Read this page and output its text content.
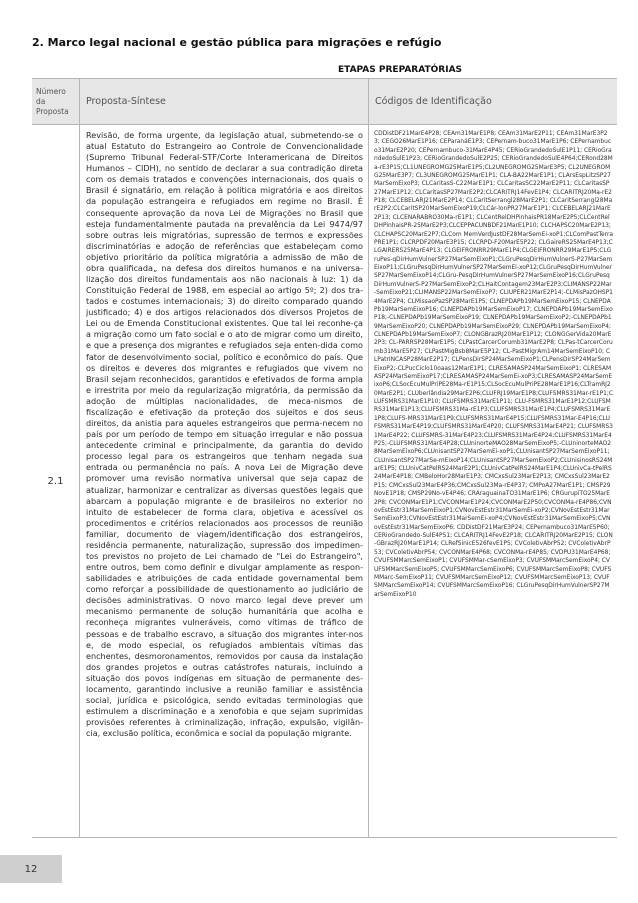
2. Marco legal nacional e gestão pública para migrações e refúgio
ETAPAS PREPARATÓRIAS
Número da Proposta
Proposta-Síntese	Códigos de Identificação
2.1

Revisão, de forma urgente, da legislação atual, submetendo-se o atual Estatuto do Estrangeiro ao Controle de Convencionalidade (Supremo Tribunal Federal-STF/Corte Interamericana de Direitos Humanos – CIDH), no sentido de declarar a sua contradição direta com os demais tratados e convenções internacionais, dos quais o Brasil é signatário, em relação à política migratória e aos direitos da população estrangeira e refugiados em regime no Brasil. É consequente aprovação da nova Lei de Migrações no Brasil que esteja fundamentalmente pautada na prevalência da Lei 9474/97 sobre outras leis migratórias, supressão de termos e expressões discriminatórias e adoção de referências que estabeleçam como objetivo prioritário da política migratória a admissão de mão de obra qualificada„ na defesa dos direitos humanos e na universa-lização dos direitos fundamentais aos não nacionais à luz: 1) da Constituição Federal de 1988, em especial ao artigo 5º; 2) dos tra-tados e costumes internacionais; 3) do direito comparado quando justificado; 4) e dos artigos relacionados dos diversos Projetos de Lei ou de Emenda Constitucional existentes. Que tal lei reconhe-ça a migração como um fato social e o ato de migrar como um direito, e que a presença dos migrantes e refugiados seja enten-dida como fator de desenvolvimento social, político e econômico do país. Que os direitos e deveres dos migrantes e refugiados que vivem no Brasil sejam reconhecidos, garantidos e efetivados de forma ampla e irrestrita por meio da regularização migratória, da permissão da adoção de múltiplas nacionalidades, de meca-nismos de fiscalização e efetivação da proteção dos sujeitos e dos seus direitos, da anistia para aqueles estrangeiros que perma-necem no país por um período de tempo em situação irregular e não possua antecedente criminal e principalmente, da garantia do devido processo legal para os estrangeiros que tenham negada sua entrada ou permanência no país. A nova Lei de Migração deve promover uma revisão normativa universal que seja capaz de atualizar, harmonizar e centralizar as diversas questões legais que abarcam a população migrante e de brasileiros no exterior no intuito de estabelecer de forma clara, objetiva e acessível os procedimentos e critérios relacionados aos processos de reunião familiar, documento de viagem/identificação dos estrangeiros, residência permanente, naturalização, supressão dos impedimen-tos previstos no projeto de Lei chamado de "Lei do Estrangeiro", entre outros, bem como definir e divulgar amplamente as respon-sabilidades e atribuições de cada entidade governamental bem como reforçar a possibilidade de questionamento ao judiciário de decisões administrativas. O novo marco legal deve prever um mecanismo permanente de solução humanitária que acolha e reconheça migrantes vulneráveis, como vítimas de tráfico de pessoas e de trabalho escravo, a situação dos migrantes inter-nos e, de modo especial, os refugiados ambientais vítimas das enchentes, desmoronamentos, removidos por causa da instalação dos grandes projetos e outras catástrofes naturais, incluindo a situação dos povos indígenas em situação de permanente des-locamento, garantindo inclusive a reunião familiar e assistência social, jurídica e psicológica, sendo evitadas terminologias que estimulem a discriminação e a xenofobia e que sejam suprimidas provisões referentes à criminalização, infração, expulsão, vigilân-cia, exclusão política, econômica e social da população migrante.

CDDistDF21MarE4P28; CEAm31MarE1P8; CEAm31MarE2P11; CEAm31MarE3P23; CEGO26MarE1P16; CEParanáE1P3; CEPernam-buco31MarE1P6; CEPernambuco31MarE2P20; CEPernambuco-31MarE4P45; CERioGrandedoSulE1P11; CERioGrandedoSulE1P23; CERioGrandedoSulE2P25; CERioGrandedoSulE4P64;CERond28Ma-rE3P15;CL1UNEGROMG25MarE1P5;CL2UNEGROMG25MarE3P5; CL2UNEGROMG25MarE3P7; CL3UNEGROMG25MarE1P1; CLA-BA22MarE1P1; CLArsEspLitzSP27MarSemEixoP3; CLCaritasS-C22MarE1P1; CLCaritasSC22MarE2P11; CLCaritasSP27MarE1P12; CLCaritasSP27MarE2P2;CLCARITRJ14FevE1P4; CLCARITRJ20Ma-rE2P18; CLCEBELARJ21MarE2P14; CLCaritSerrangl28MarE2P1; CLCaritSerrangl28MarE2P2;CLCaritSP20MarSemEixoP19;CLCár-lonPR27MarE1P1; CLCEBELARJ21MarE2P13; CLCENARABRO30Ma-rE1P1; CLCentRelDHPinhaisPR18MarE2P5;CLCentRelDHPinhaisPR-25MarE2P3;CLCEPPACUNBDF21MarE1P10; CLCHAPSC20MarE2P13; CLCHAPSC20MarE2P7;CLCom MemVerdJustDF28MarSemEi-xoP1;CLComPastTerraPRE1P1; CLCRPDF20MarE3P15; CLCRPD-F20MarE5P22; CLGaireRS25MarE4P13;CLGAIRERS25MarE4P13; CLGEIFRONRR29MarE1P4;CLGEIFRONRR29MarE1P5;CLGruPes-qDirHumVulnerSP27MarSemEixoP1;CLGruPesqDirHumVulnerS-P27MarSemEixoP11;CLGruPesqDirHumVulnerSP27MarSemEi-xoP12;CLGruPesqDirHumVulnerSP27MarSemEixoP14;CLGru-PesqDirHumVulnerSP27MarSemEixoP16;CLGruPesqDirHumVulnerS-P27MarSemEixoP2;CLHaitContagem23MarE2P3;CLIMANSP22Mar-SemEixoP21;CLIMANSP22MarSemEixoP7; CLIUPER21MarE2P14;-CLMisPazOHSP14MarE2P4; CLMissaoPazSP28MarE1P5; CLNEPDAPb19MarSemEixoP15; CLNEPDAPb19MarSemEixoP16; CLNEPDAPb19MarSemEixoP17; CLNEPDAPb19MarSemEixoP18;-CLNEPDAPb19MarSemEixoP19; CLNEPDAPb19MarSemEixoP2;-CLNEPDAPb19MarSemEixoP20; CLNEPDAPb19MarSemEixoP29; CLNEPDAPb19MarSemEixoP4; CLNEPDAPb19MarSemEixoP7; CLONGBrazRJ20MarE1P12; CLONGGerVida20MarE2P3; CL-PARRSP28MarE1P5; CLPastCarcerCorumb31MarE2P8; CLPas-tCarcerCorumb31MarE5P27; CLPastMigBsb8MarE5P12; CL-PastMigrAm14MarSemEixoP10; CLPatrINCASP28MarE2P17; CLPensDirSP24MarSemEixoP1;CLPensDirSP24MarSemEixoP2;-CLPucCiclo10oaas12MarE1P1; CLRESAMASP24MarSemEixoP1; CLRESAMASP24MarSemEixoP17;CLRESAMASP24MarSemEi-xoP3;CLRESAMASP24MarSemEixoP6;CLSocEcuMulPriPE28Ma-rE1P15;CLSocEcuMulPriPE28MarE1P16;CLTramRJ20MarE2P1; CLUberlândia29MarE2P6;CLUFRJ19MarE1P8;CLUFSMRS31Mar-rE1P1;CLUFSMRS31MarE1P10; CLUFSMRS31MarE1P11; CLU-FSMRS31MarE1P12;CLUFSMRS31MarE1P13;CLUFSMRS31Ma-rE1P3;CLUFSMRS31MarE1P4;CLUFSMRS31MarE1P8;CLUFS-MRS31MarE1P9;CLUFSMRS31MarE4P15;CLUFSMRS31Mar-E4P16;CLUFSMRS31MarE4P19;CLUFSMRS31MarE4P20; CLUFSMRS31MarE4P21; CLUFSMRS31MarE4P22; CLUFSMRS-31MarE4P23;CLUFSMRS31MarE4P24;CLUFSMRS31MarE4P25;-CLUFSMRS31MarE4P28;CLUninorteMAO28MarSemEixoP5;-CLUninorteMAO28MarSemEixoP6;CLUnisantSP27MarSemEi-xoP1;CLUnisantSP27MarSemEixoP11;CLUnisantSP27MarSe-mEixoP14;CLUnisantSP27MarSemEixoP2;CLUnisinosRS24MarE1P5; CLUnivCatPelRS24MarE2P1;CLUnivCatPelRS24MarE1P4;CLUnivCa-tPelRS24MarE4P18; CMBeloHor28MarE1P3; CMCxsSul23MarE2P13; CMCxsSul23MarE2P15; CMCxsSul23MarE4P36;CMCxsSul23Ma-rE4P37; CMPoA27MarE1P1; CMSP29NovE1P18; CMSP29No-vE4P46; CRAraguainaTO31MarE1P6; CRGurupiTO25MarE2P8; CVCONMarE1P1;CVCONMarE1P24;CVCONMarE2P50;CVCONMa-rE4P86;CVNovEstEstr31MarSemEixoP1;CVNovEstEstr31MarSemEi-xoP2;CVNovEstEstr31MarSemEixoP3;CVNovEstEstr31MarSemEi-xoP4;CVNovEstEstr31MarSemEixoP5;CVNovEstEstr31MarSemEixoP6; CDDistDF21MarE3P24; CEPernambuco31MarE5P60; CERioGrandedo-SulE4P51; CLCARITRJ14FevE2P18; CLCARITRJ20MarE2P15; CLON-GBrazRJ20MarE1P14; CLRefSinicE526fevE1P5; CVColetivAbrP52; CVColetivAbrP53; CVColetivAbrP54; CVCONMarE4P68; CVCONMa-rE4P85; CVDPU31MarE4P68; CVUFSMMarcSemEixoP1; CVUFSMMar-cSemEixoP3; CVUFSMMarcSemEixoP4; CVUFSMMarcSemEixoP5; CVUFSMMarcSemEixoP6; CVUFSMMarcSemEixoP8; CVUFSMMarc-SemEixoP11; CVUFSMMarcSemEixoP12; CVUFSMMarcSemEixoP13; CVUFSMMarcSemEixoP14; CVUFSMMarcSemEixoP16; CLGruPesqDirHumVulnerSP27MarSemEixoP10

12
